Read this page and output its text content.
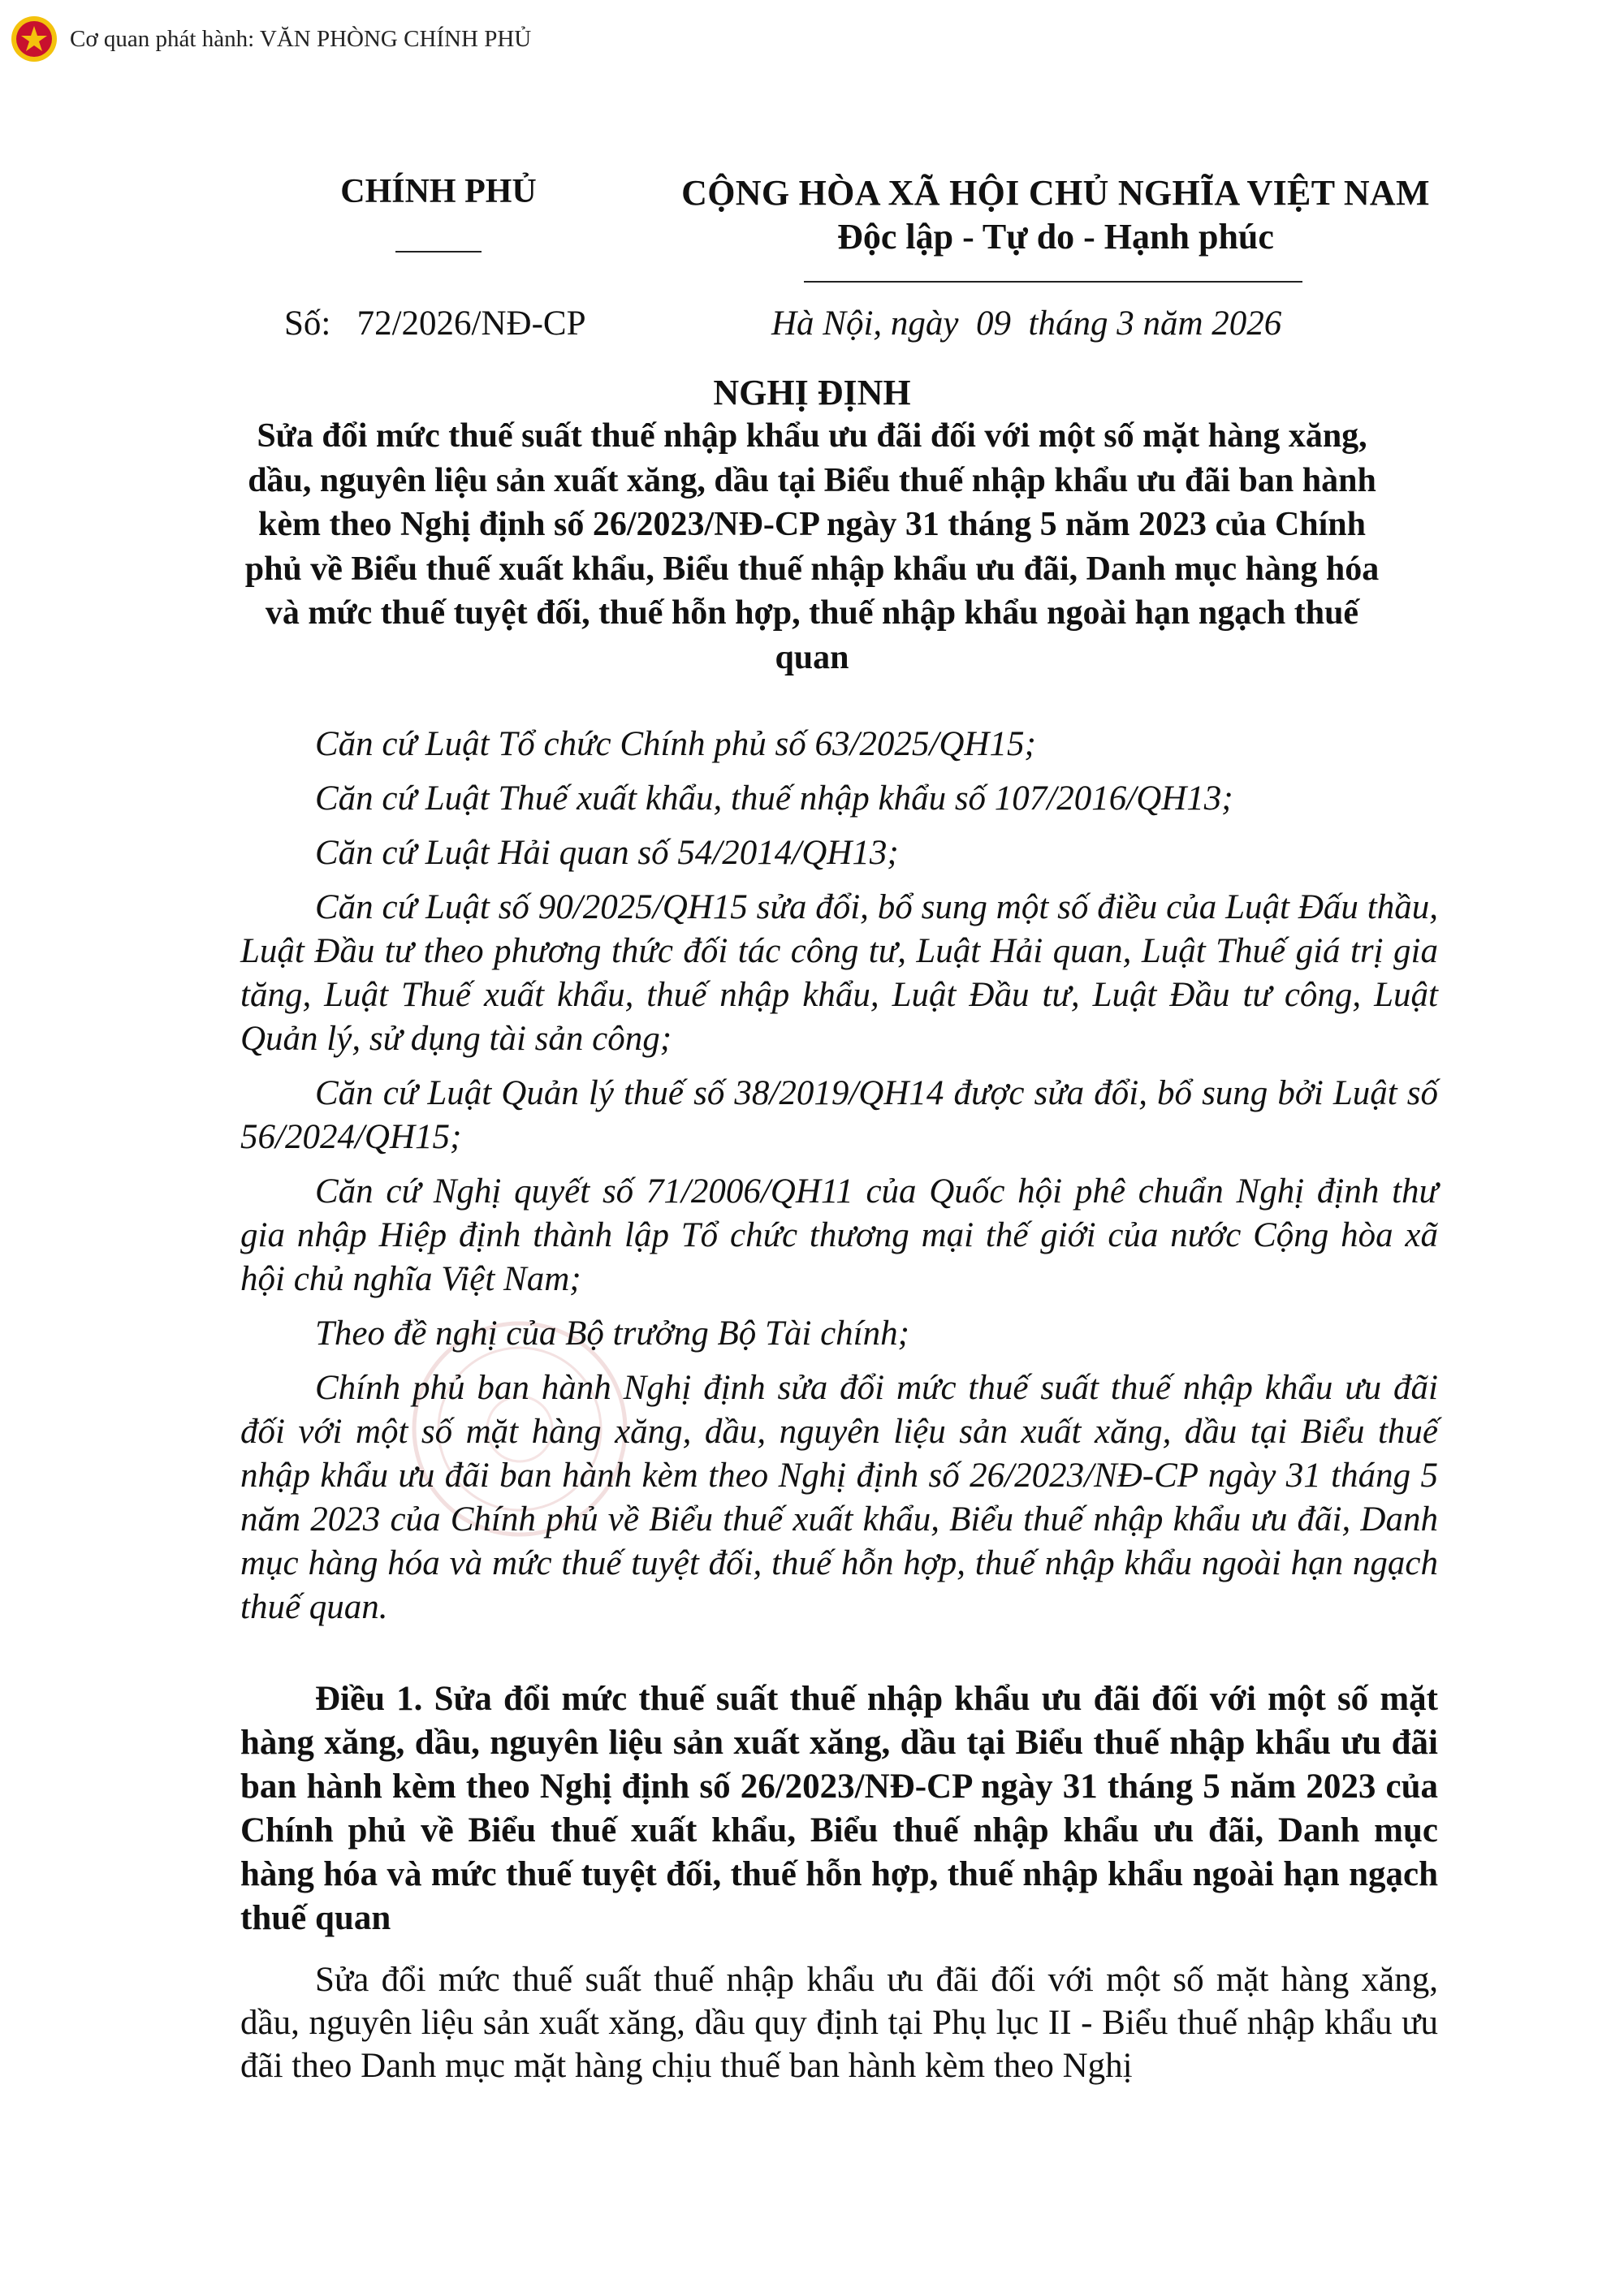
Cơ quan phát hành: VĂN PHÒNG CHÍNH PHỦ
CHÍNH PHỦ	CỘNG HÒA XÃ HỘI CHỦ NGHĨA VIỆT NAM
Độc lập - Tự do - Hạnh phúc
Số:   72/2026/NĐ-CP	Hà Nội, ngày  09  tháng 3 năm 2026
NGHỊ ĐỊNH
Sửa đổi mức thuế suất thuế nhập khẩu ưu đãi đối với một số mặt hàng xăng, dầu, nguyên liệu sản xuất xăng, dầu tại Biểu thuế nhập khẩu ưu đãi ban hành kèm theo Nghị định số 26/2023/NĐ-CP ngày 31 tháng 5 năm 2023 của Chính phủ về Biểu thuế xuất khẩu, Biểu thuế nhập khẩu ưu đãi, Danh mục hàng hóa và mức thuế tuyệt đối, thuế hỗn hợp, thuế nhập khẩu ngoài hạn ngạch thuế quan

Căn cứ Luật Tổ chức Chính phủ số 63/2025/QH15;

Căn cứ Luật Thuế xuất khẩu, thuế nhập khẩu số 107/2016/QH13;

Căn cứ Luật Hải quan số 54/2014/QH13;

Căn cứ Luật số 90/2025/QH15 sửa đổi, bổ sung một số điều của Luật Đấu thầu, Luật Đầu tư theo phương thức đối tác công tư, Luật Hải quan, Luật Thuế giá trị gia tăng, Luật Thuế xuất khẩu, thuế nhập khẩu, Luật Đầu tư, Luật Đầu tư công, Luật Quản lý, sử dụng tài sản công;

Căn cứ Luật Quản lý thuế số 38/2019/QH14 được sửa đổi, bổ sung bởi Luật số 56/2024/QH15;

Căn cứ Nghị quyết số 71/2006/QH11 của Quốc hội phê chuẩn Nghị định thư gia nhập Hiệp định thành lập Tổ chức thương mại thế giới của nước Cộng hòa xã hội chủ nghĩa Việt Nam;

Theo đề nghị của Bộ trưởng Bộ Tài chính;

Chính phủ ban hành Nghị định sửa đổi mức thuế suất thuế nhập khẩu ưu đãi đối với một số mặt hàng xăng, dầu, nguyên liệu sản xuất xăng, dầu tại Biểu thuế nhập khẩu ưu đãi ban hành kèm theo Nghị định số 26/2023/NĐ-CP ngày 31 tháng 5 năm 2023 của Chính phủ về Biểu thuế xuất khẩu, Biểu thuế nhập khẩu ưu đãi, Danh mục hàng hóa và mức thuế tuyệt đối, thuế hỗn hợp, thuế nhập khẩu ngoài hạn ngạch thuế quan.

Điều 1. Sửa đổi mức thuế suất thuế nhập khẩu ưu đãi đối với một số mặt hàng xăng, dầu, nguyên liệu sản xuất xăng, dầu tại Biểu thuế nhập khẩu ưu đãi ban hành kèm theo Nghị định số 26/2023/NĐ-CP ngày 31 tháng 5 năm 2023 của Chính phủ về Biểu thuế xuất khẩu, Biểu thuế nhập khẩu ưu đãi, Danh mục hàng hóa và mức thuế tuyệt đối, thuế hỗn hợp, thuế nhập khẩu ngoài hạn ngạch thuế quan
Sửa đổi mức thuế suất thuế nhập khẩu ưu đãi đối với một số mặt hàng xăng, dầu, nguyên liệu sản xuất xăng, dầu quy định tại Phụ lục II - Biểu thuế nhập khẩu ưu đãi theo Danh mục mặt hàng chịu thuế ban hành kèm theo Nghị
